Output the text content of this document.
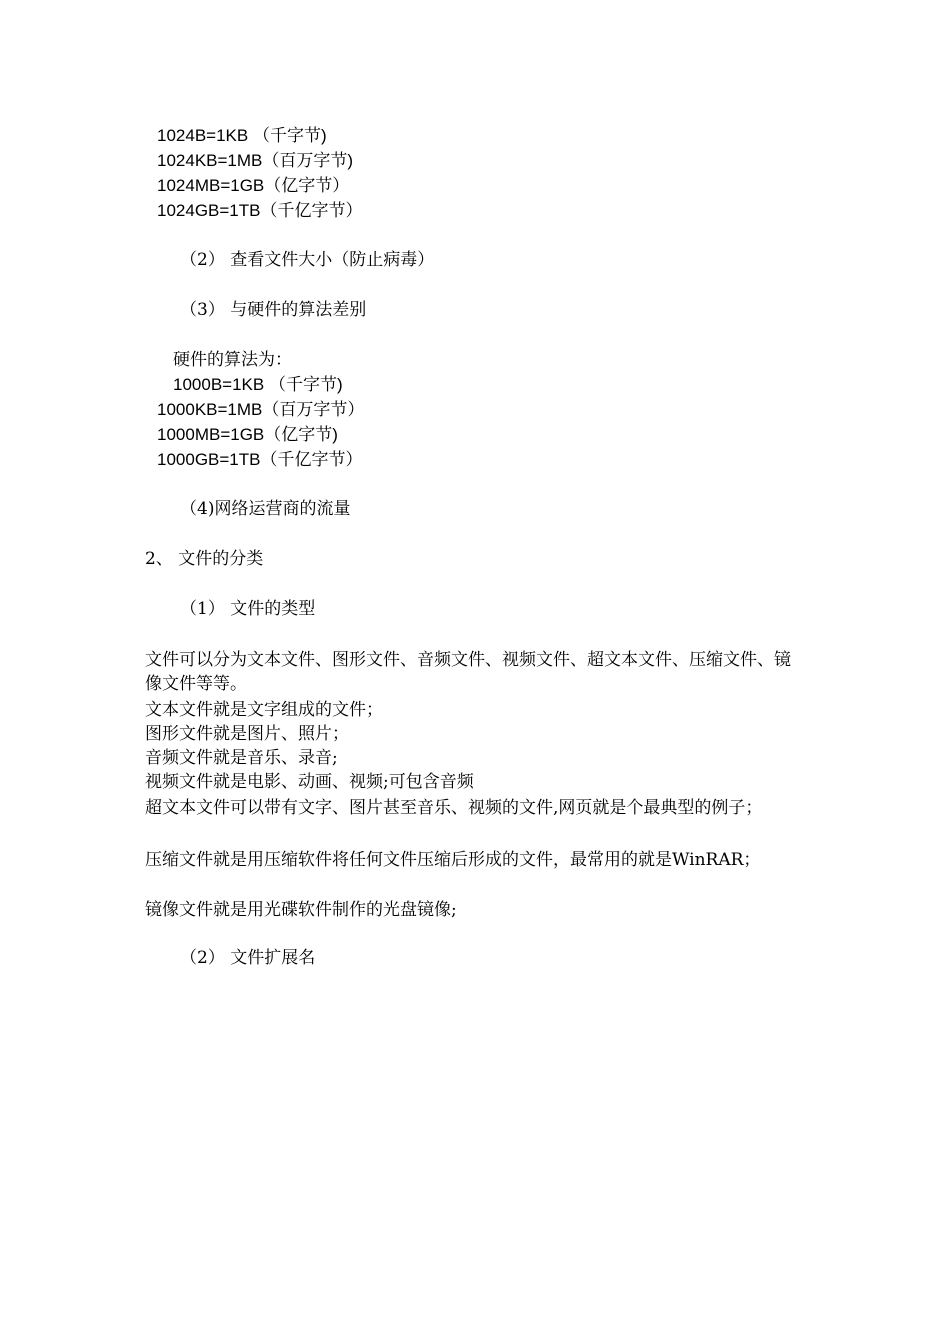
1024B=1KB （千字节)
1024KB=1MB（百万字节)
1024MB=1GB（亿字节）
1024GB=1TB（千亿字节）
（2） 查看文件大小（防止病毒）
（3） 与硬件的算法差别
硬件的算法为：
1000B=1KB （千字节)
1000KB=1MB（百万字节）
1000MB=1GB（亿字节)
1000GB=1TB（千亿字节）
（4)网络运营商的流量
2、 文件的分类
（1） 文件的类型
文件可以分为文本文件、图形文件、音频文件、视频文件、超文本文件、压缩文件、镜像文件等等。
文本文件就是文字组成的文件；
图形文件就是图片、照片；
音频文件就是音乐、录音;
视频文件就是电影、动画、视频;可包含音频
超文本文件可以带有文字、图片甚至音乐、视频的文件,网页就是个最典型的例子；
压缩文件就是用压缩软件将任何文件压缩后形成的文件，最常用的就是WinRAR；
镜像文件就是用光碟软件制作的光盘镜像;
（2） 文件扩展名
